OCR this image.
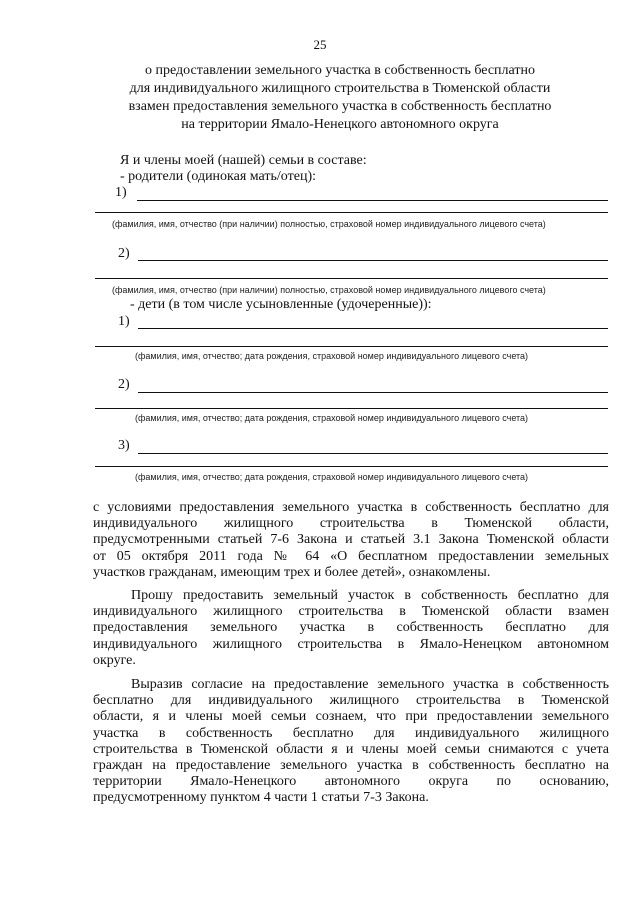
25
о предоставлении земельного участка в собственность бесплатно
для индивидуального жилищного строительства в Тюменской области
взамен предоставления земельного участка в собственность бесплатно
на территории Ямало-Ненецкого автономного округа
Я и члены моей (нашей) семьи в составе:
- родители (одинокая мать/отец):
1)
(фамилия, имя, отчество (при наличии) полностью, страховой номер индивидуального лицевого счета)
2)
(фамилия, имя, отчество (при наличии) полностью, страховой номер индивидуального лицевого счета)
- дети (в том числе усыновленные (удочеренные)):
1)
(фамилия, имя, отчество; дата рождения, страховой номер индивидуального лицевого счета)
2)
(фамилия, имя, отчество; дата рождения, страховой номер индивидуального лицевого счета)
3)
(фамилия, имя, отчество; дата рождения, страховой номер индивидуального лицевого счета)
с условиями предоставления земельного участка в собственность бесплатно для
индивидуального жилищного строительства в Тюменской области,
предусмотренными статьей 7-6 Закона и статьей 3.1 Закона Тюменской области
от 05 октября 2011 года № 64 «О бесплатном предоставлении земельных
участков гражданам, имеющим трех и более детей», ознакомлены.
Прошу предоставить земельный участок в собственность бесплатно для
индивидуального жилищного строительства в Тюменской области взамен
предоставления земельного участка в собственность бесплатно для
индивидуального жилищного строительства в Ямало-Ненецком автономном
округе.
Выразив согласие на предоставление земельного участка в собственность
бесплатно для индивидуального жилищного строительства в Тюменской
области, я и члены моей семьи сознаем, что при предоставлении земельного
участка в собственность бесплатно для индивидуального жилищного
строительства в Тюменской области я и члены моей семьи снимаются с учета
граждан на предоставление земельного участка в собственность бесплатно на
территории Ямало-Ненецкого автономного округа по основанию,
предусмотренному пунктом 4 части 1 статьи 7-3 Закона.
